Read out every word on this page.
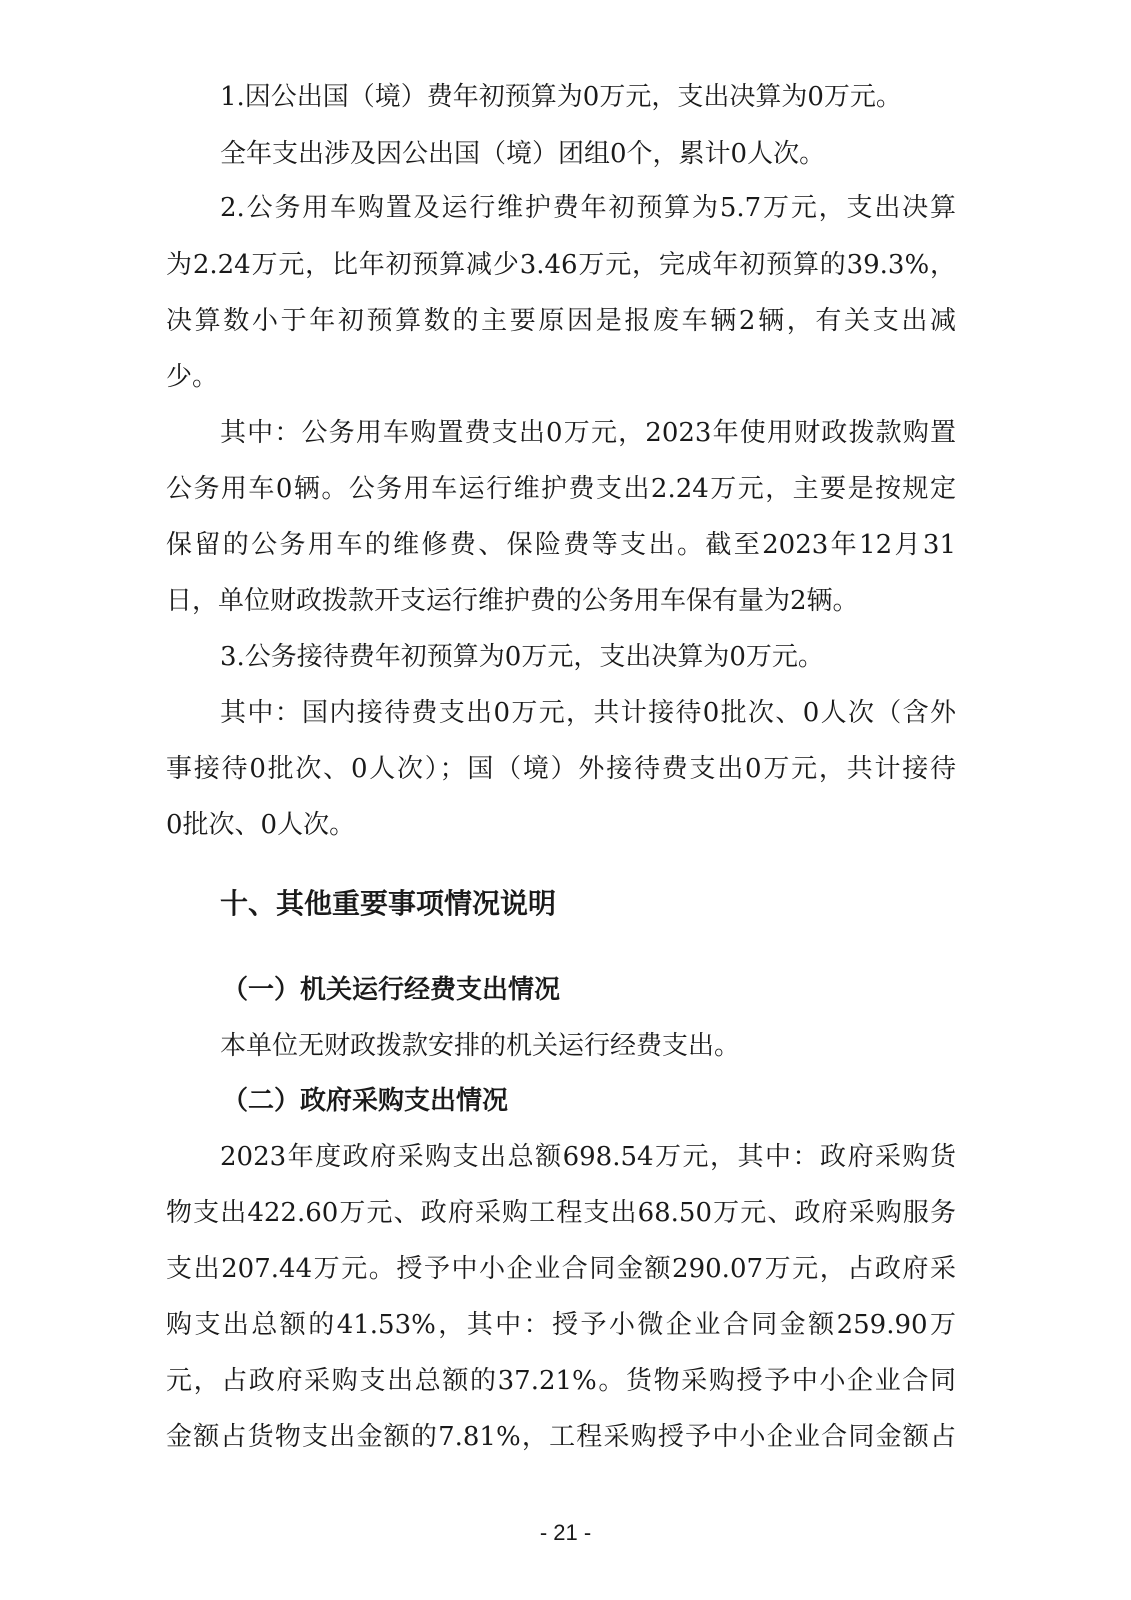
1.因公出国（境）费年初预算为0万元，支出决算为0万元。
全年支出涉及因公出国（境）团组0个，累计0人次。
2.公务用车购置及运行维护费年初预算为5.7万元，支出决算
为2.24万元，比年初预算减少3.46万元，完成年初预算的39.3%，
决算数小于年初预算数的主要原因是报废车辆2辆，有关支出减
少。
其中：公务用车购置费支出0万元，2023年使用财政拨款购置
公务用车0辆。公务用车运行维护费支出2.24万元，主要是按规定
保留的公务用车的维修费、保险费等支出。截至2023年12月31
日，单位财政拨款开支运行维护费的公务用车保有量为2辆。
3.公务接待费年初预算为0万元，支出决算为0万元。
其中：国内接待费支出0万元，共计接待0批次、0人次（含外
事接待0批次、0人次）；国（境）外接待费支出0万元，共计接待
0批次、0人次。
十、其他重要事项情况说明
（一）机关运行经费支出情况
本单位无财政拨款安排的机关运行经费支出。
（二）政府采购支出情况
2023年度政府采购支出总额698.54万元，其中：政府采购货
物支出422.60万元、政府采购工程支出68.50万元、政府采购服务
支出207.44万元。授予中小企业合同金额290.07万元，占政府采
购支出总额的41.53%，其中：授予小微企业合同金额259.90万
元，占政府采购支出总额的37.21%。货物采购授予中小企业合同
金额占货物支出金额的7.81%，工程采购授予中小企业合同金额占
- 21 -
